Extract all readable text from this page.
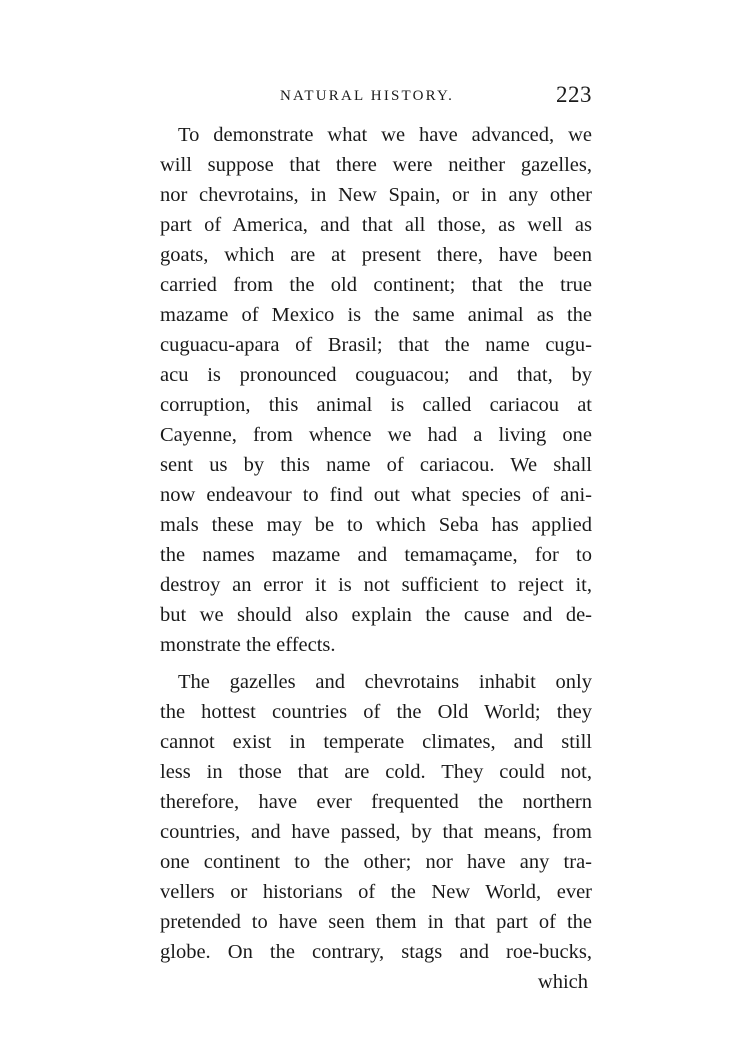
NATURAL HISTORY.	223

To demonstrate what we have advanced, we
will suppose that there were neither gazelles,
nor chevrotains, in New Spain, or in any other
part of America, and that all those, as well as
goats, which are at present there, have been
carried from the old continent; that the true
mazame of Mexico is the same animal as the
cuguacu-apara of Brasil; that the name cugu-
acu is pronounced couguacou; and that, by
corruption, this animal is called cariacou at
Cayenne, from whence we had a living one
sent us by this name of cariacou. We shall
now endeavour to find out what species of ani-
mals these may be to which Seba has applied
the names mazame and temamaçame, for to
destroy an error it is not sufficient to reject it,
but we should also explain the cause and de-
monstrate the effects.

The gazelles and chevrotains inhabit only
the hottest countries of the Old World; they
cannot exist in temperate climates, and still
less in those that are cold. They could not,
therefore, have ever frequented the northern
countries, and have passed, by that means, from
one continent to the other; nor have any tra-
vellers or historians of the New World, ever
pretended to have seen them in that part of the
globe. On the contrary, stags and roe-bucks,

which
